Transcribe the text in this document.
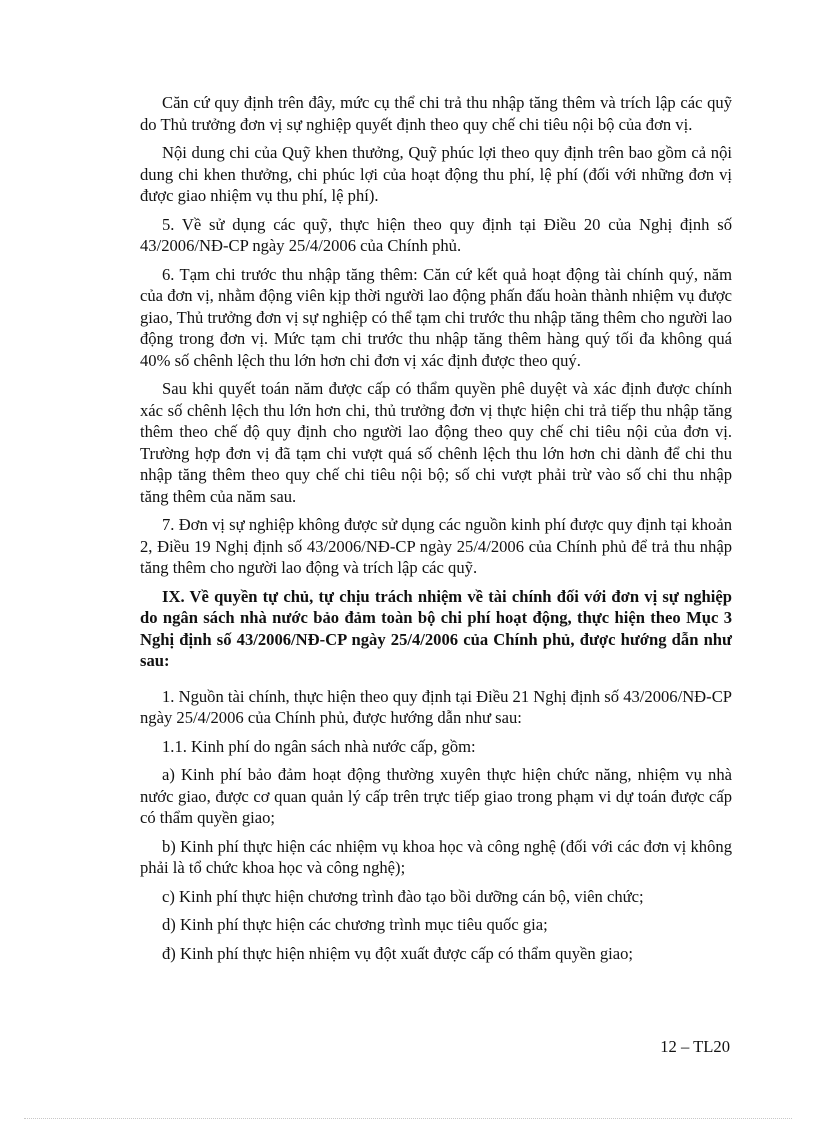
Căn cứ quy định trên đây, mức cụ thể chi trả thu nhập tăng thêm và trích lập các quỹ do Thủ trưởng đơn vị sự nghiệp quyết định theo quy chế chi tiêu nội bộ của đơn vị.

Nội dung chi của Quỹ khen thưởng, Quỹ phúc lợi theo quy định trên bao gồm cả nội dung chi khen thưởng, chi phúc lợi của hoạt động thu phí, lệ phí (đối với những đơn vị được giao nhiệm vụ thu phí, lệ phí).

5. Về sử dụng các quỹ, thực hiện theo quy định tại Điều 20 của Nghị định số 43/2006/NĐ-CP ngày 25/4/2006 của Chính phủ.

6. Tạm chi trước thu nhập tăng thêm: Căn cứ kết quả hoạt động tài chính quý, năm của đơn vị, nhằm động viên kịp thời người lao động phấn đấu hoàn thành nhiệm vụ được giao, Thủ trưởng đơn vị sự nghiệp có thể tạm chi trước thu nhập tăng thêm cho người lao động trong đơn vị. Mức tạm chi trước thu nhập tăng thêm hàng quý tối đa không quá 40% số chênh lệch thu lớn hơn chi đơn vị xác định được theo quý.

Sau khi quyết toán năm được cấp có thẩm quyền phê duyệt và xác định được chính xác số chênh lệch thu lớn hơn chi, thủ trưởng đơn vị thực hiện chi trả tiếp thu nhập tăng thêm theo chế độ quy định cho người lao động theo quy chế chi tiêu nội của đơn vị. Trường hợp đơn vị đã tạm chi vượt quá số chênh lệch thu lớn hơn chi dành để chi thu nhập tăng thêm theo quy chế chi tiêu nội bộ; số chi vượt phải trừ vào số chi thu nhập tăng thêm của năm sau.

7. Đơn vị sự nghiệp không được sử dụng các nguồn kinh phí được quy định tại khoản 2, Điều 19 Nghị định số 43/2006/NĐ-CP ngày 25/4/2006 của Chính phủ để trả thu nhập tăng thêm cho người lao động và trích lập các quỹ.

IX. Về quyền tự chủ, tự chịu trách nhiệm về tài chính đối với đơn vị sự nghiệp do ngân sách nhà nước bảo đảm toàn bộ chi phí hoạt động, thực hiện theo Mục 3 Nghị định số 43/2006/NĐ-CP ngày 25/4/2006 của Chính phủ, được hướng dẫn như sau:

1. Nguồn tài chính, thực hiện theo quy định tại Điều 21 Nghị định số 43/2006/NĐ-CP ngày 25/4/2006 của Chính phủ, được hướng dẫn như sau:

1.1. Kinh phí do ngân sách nhà nước cấp, gồm:

a) Kinh phí bảo đảm hoạt động thường xuyên thực hiện chức năng, nhiệm vụ nhà nước giao, được cơ quan quản lý cấp trên trực tiếp giao trong phạm vi dự toán được cấp có thẩm quyền giao;

b) Kinh phí thực hiện các nhiệm vụ khoa học và công nghệ (đối với các đơn vị không phải là tổ chức khoa học và công nghệ);

c) Kinh phí thực hiện chương trình đào tạo bồi dưỡng cán bộ, viên chức;

d) Kinh phí thực hiện các chương trình mục tiêu quốc gia;

đ) Kinh phí thực hiện nhiệm vụ đột xuất được cấp có thẩm quyền giao;

12 – TL20
